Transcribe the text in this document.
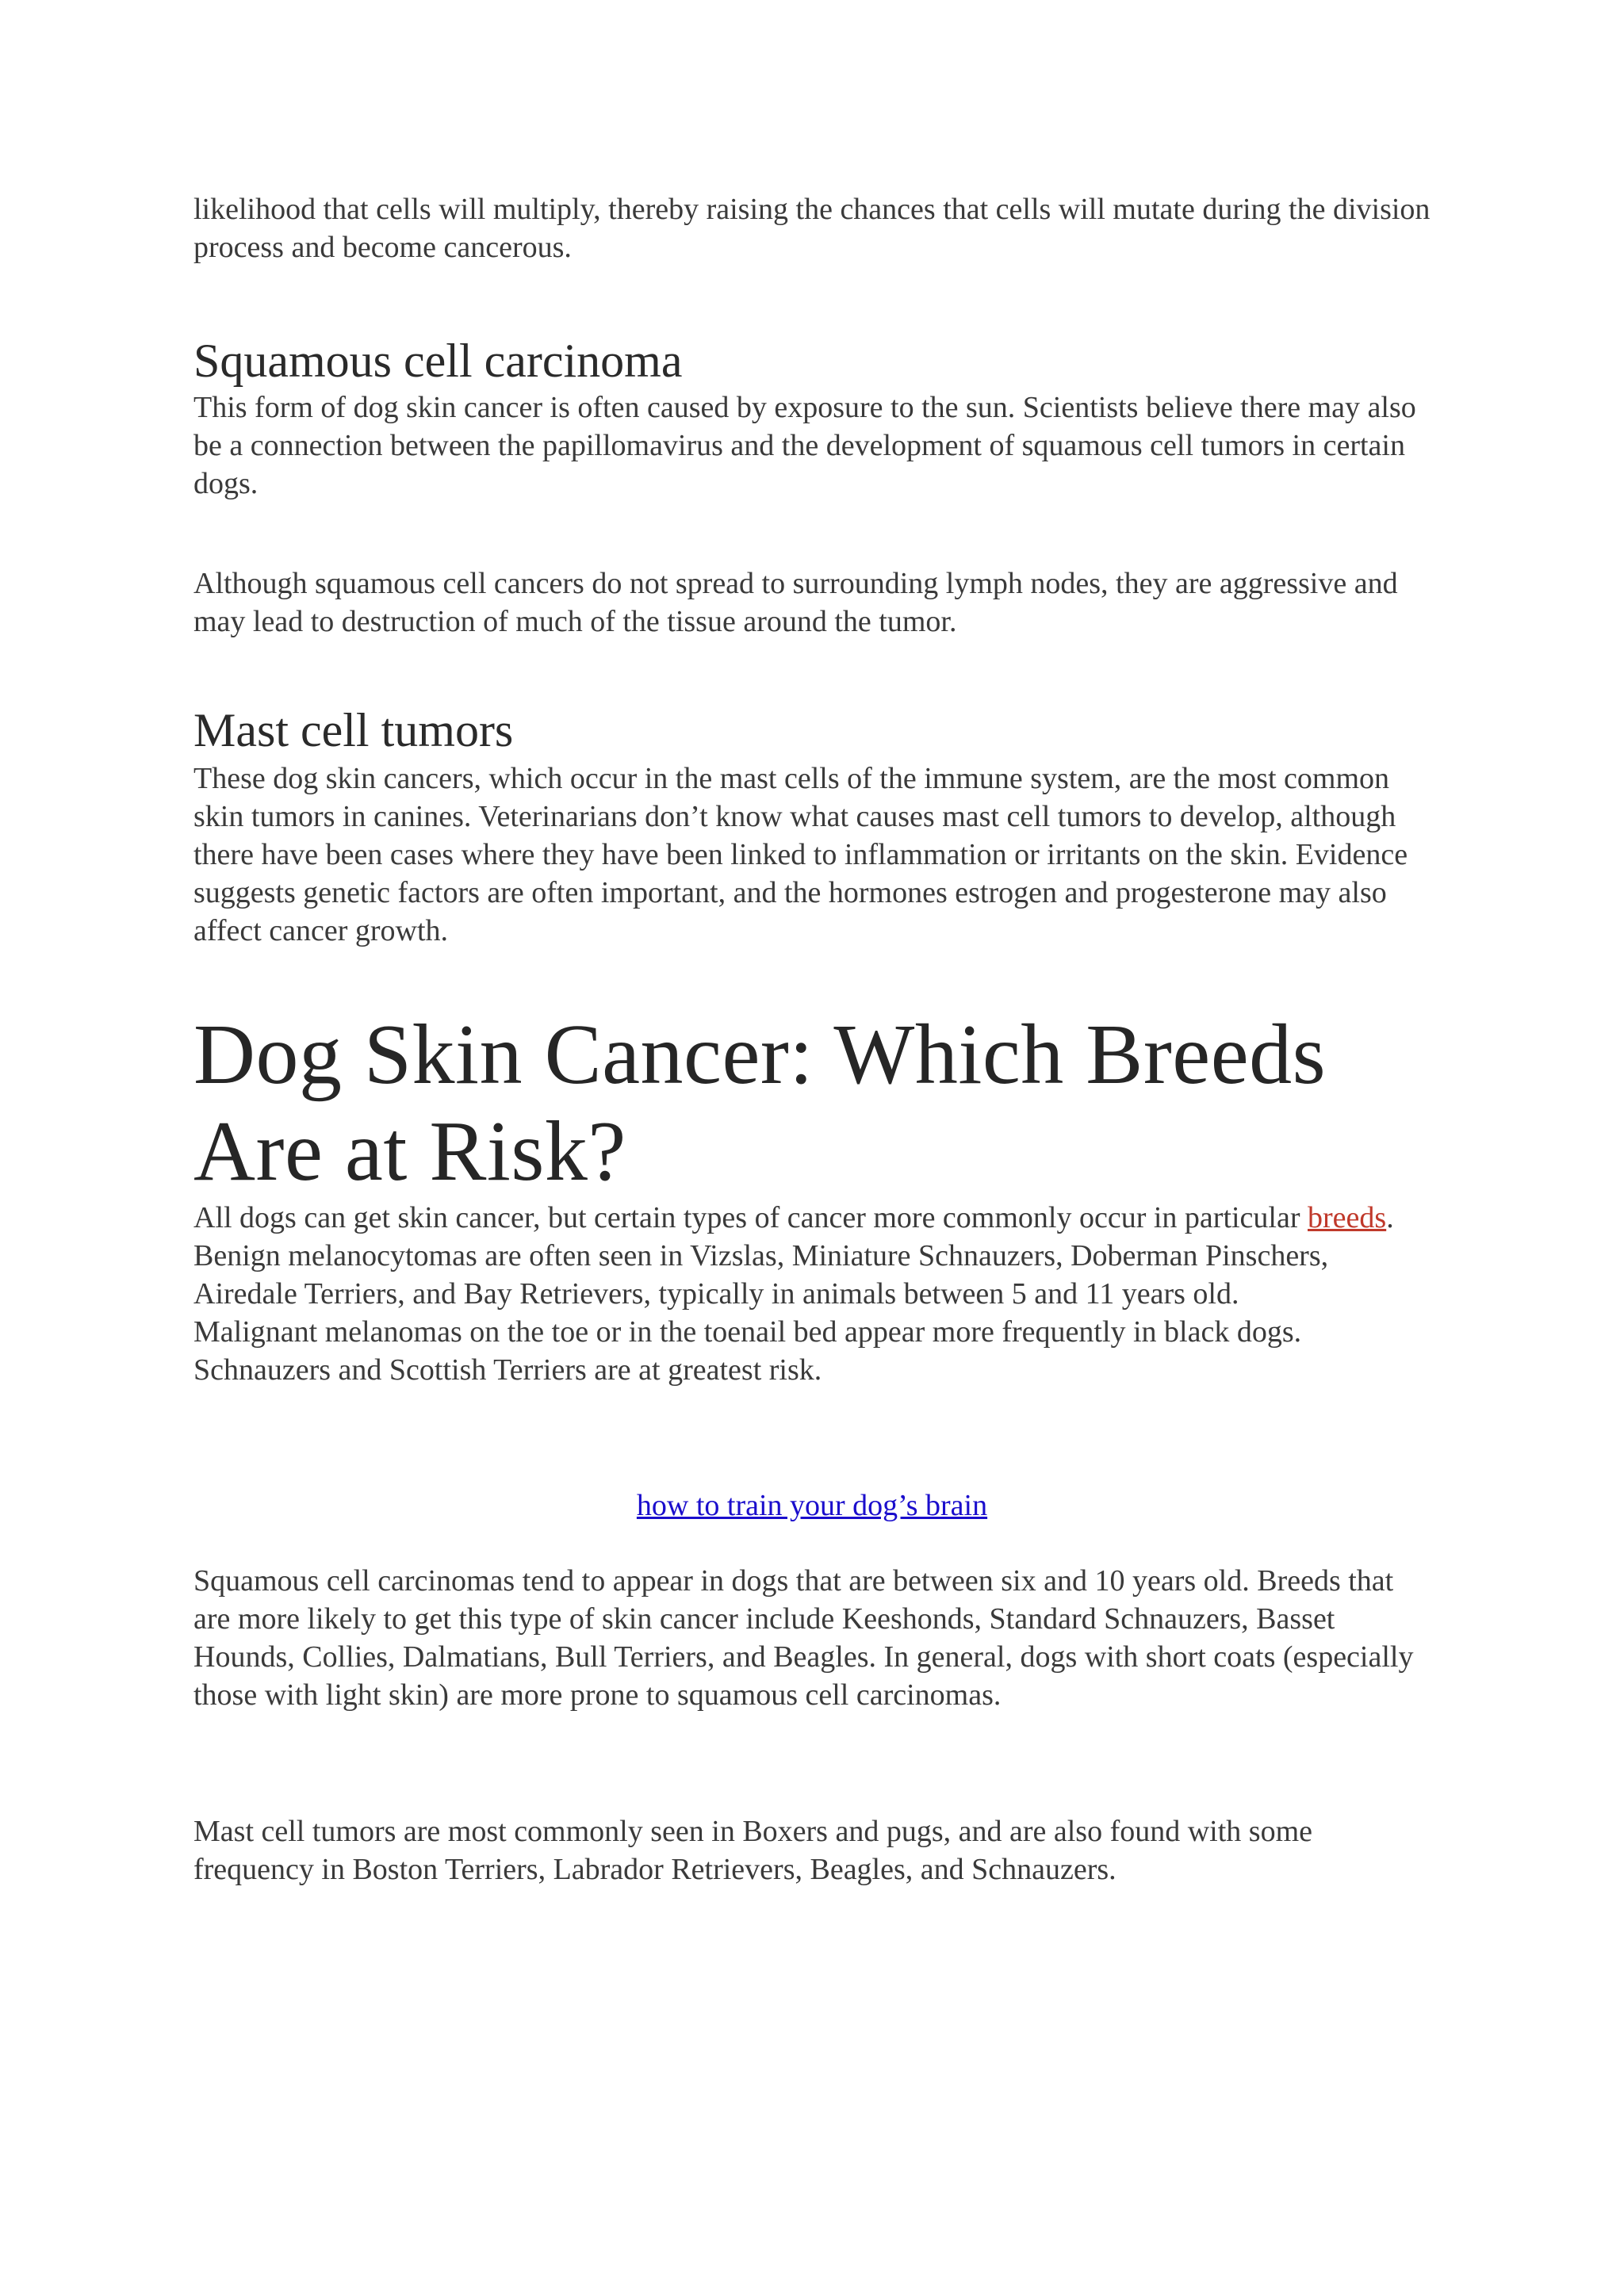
likelihood that cells will multiply, thereby raising the chances that cells will mutate during the division process and become cancerous.

Squamous cell carcinoma

This form of dog skin cancer is often caused by exposure to the sun. Scientists believe there may also be a connection between the papillomavirus and the development of squamous cell tumors in certain dogs.

Although squamous cell cancers do not spread to surrounding lymph nodes, they are aggressive and may lead to destruction of much of the tissue around the tumor.

Mast cell tumors

These dog skin cancers, which occur in the mast cells of the immune system, are the most common skin tumors in canines. Veterinarians don’t know what causes mast cell tumors to develop, although there have been cases where they have been linked to inflammation or irritants on the skin. Evidence suggests genetic factors are often important, and the hormones estrogen and progesterone may also affect cancer growth.

Dog Skin Cancer: Which Breeds Are at Risk?

All dogs can get skin cancer, but certain types of cancer more commonly occur in particular breeds.

Benign melanocytomas are often seen in Vizslas, Miniature Schnauzers, Doberman Pinschers, Airedale Terriers, and Bay Retrievers, typically in animals between 5 and 11 years old.

Malignant melanomas on the toe or in the toenail bed appear more frequently in black dogs. Schnauzers and Scottish Terriers are at greatest risk.

how to train your dog’s brain

Squamous cell carcinomas tend to appear in dogs that are between six and 10 years old. Breeds that are more likely to get this type of skin cancer include Keeshonds, Standard Schnauzers, Basset Hounds, Collies, Dalmatians, Bull Terriers, and Beagles. In general, dogs with short coats (especially those with light skin) are more prone to squamous cell carcinomas.

Mast cell tumors are most commonly seen in Boxers and pugs, and are also found with some frequency in Boston Terriers, Labrador Retrievers, Beagles, and Schnauzers.
